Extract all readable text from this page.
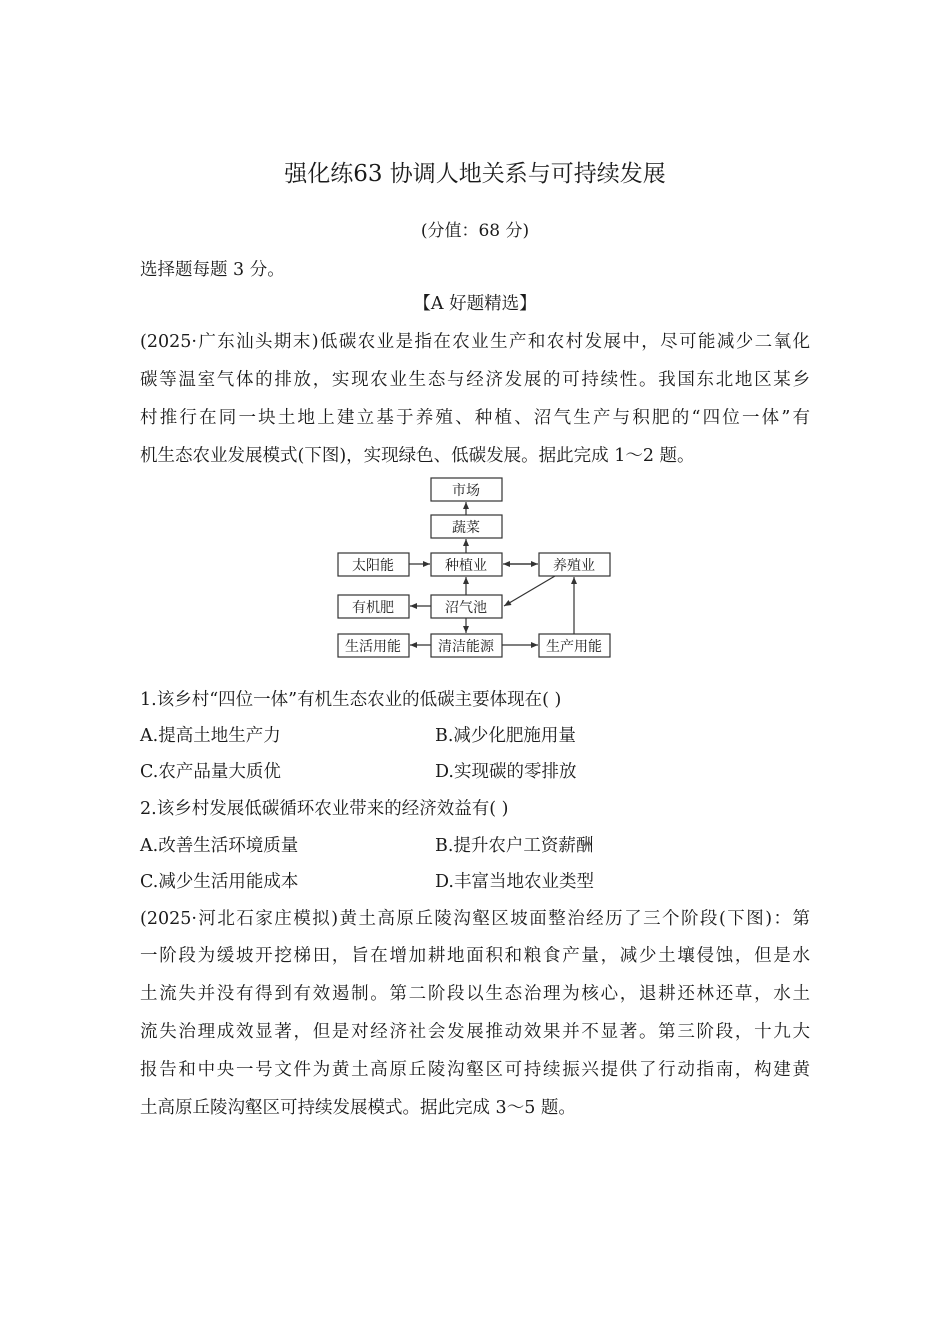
强化练63 协调人地关系与可持续发展
(分值：68 分)
选择题每题 3 分。
【A 好题精选】
(2025·广东汕头期末)低碳农业是指在农业生产和农村发展中，尽可能减少二氧化
碳等温室气体的排放，实现农业生态与经济发展的可持续性。我国东北地区某乡
村推行在同一块土地上建立基于养殖、种植、沼气生产与积肥的“四位一体”有
机生态农业发展模式(下图)，实现绿色、低碳发展。据此完成 1～2 题。
市场
蔬菜
太阳能	种植业	养殖业
有机肥	沼气池
生活用能	清洁能源	生产用能
1.该乡村“四位一体”有机生态农业的低碳主要体现在( )
A.提高土地生产力	B.减少化肥施用量
C.农产品量大质优	D.实现碳的零排放
2.该乡村发展低碳循环农业带来的经济效益有( )
A.改善生活环境质量	B.提升农户工资薪酬
C.减少生活用能成本	D.丰富当地农业类型
(2025·河北石家庄模拟)黄土高原丘陵沟壑区坡面整治经历了三个阶段(下图)：第
一阶段为缓坡开挖梯田，旨在增加耕地面积和粮食产量，减少土壤侵蚀，但是水
土流失并没有得到有效遏制。第二阶段以生态治理为核心，退耕还林还草，水土
流失治理成效显著，但是对经济社会发展推动效果并不显著。第三阶段，十九大
报告和中央一号文件为黄土高原丘陵沟壑区可持续振兴提供了行动指南，构建黄
土高原丘陵沟壑区可持续发展模式。据此完成 3～5 题。
